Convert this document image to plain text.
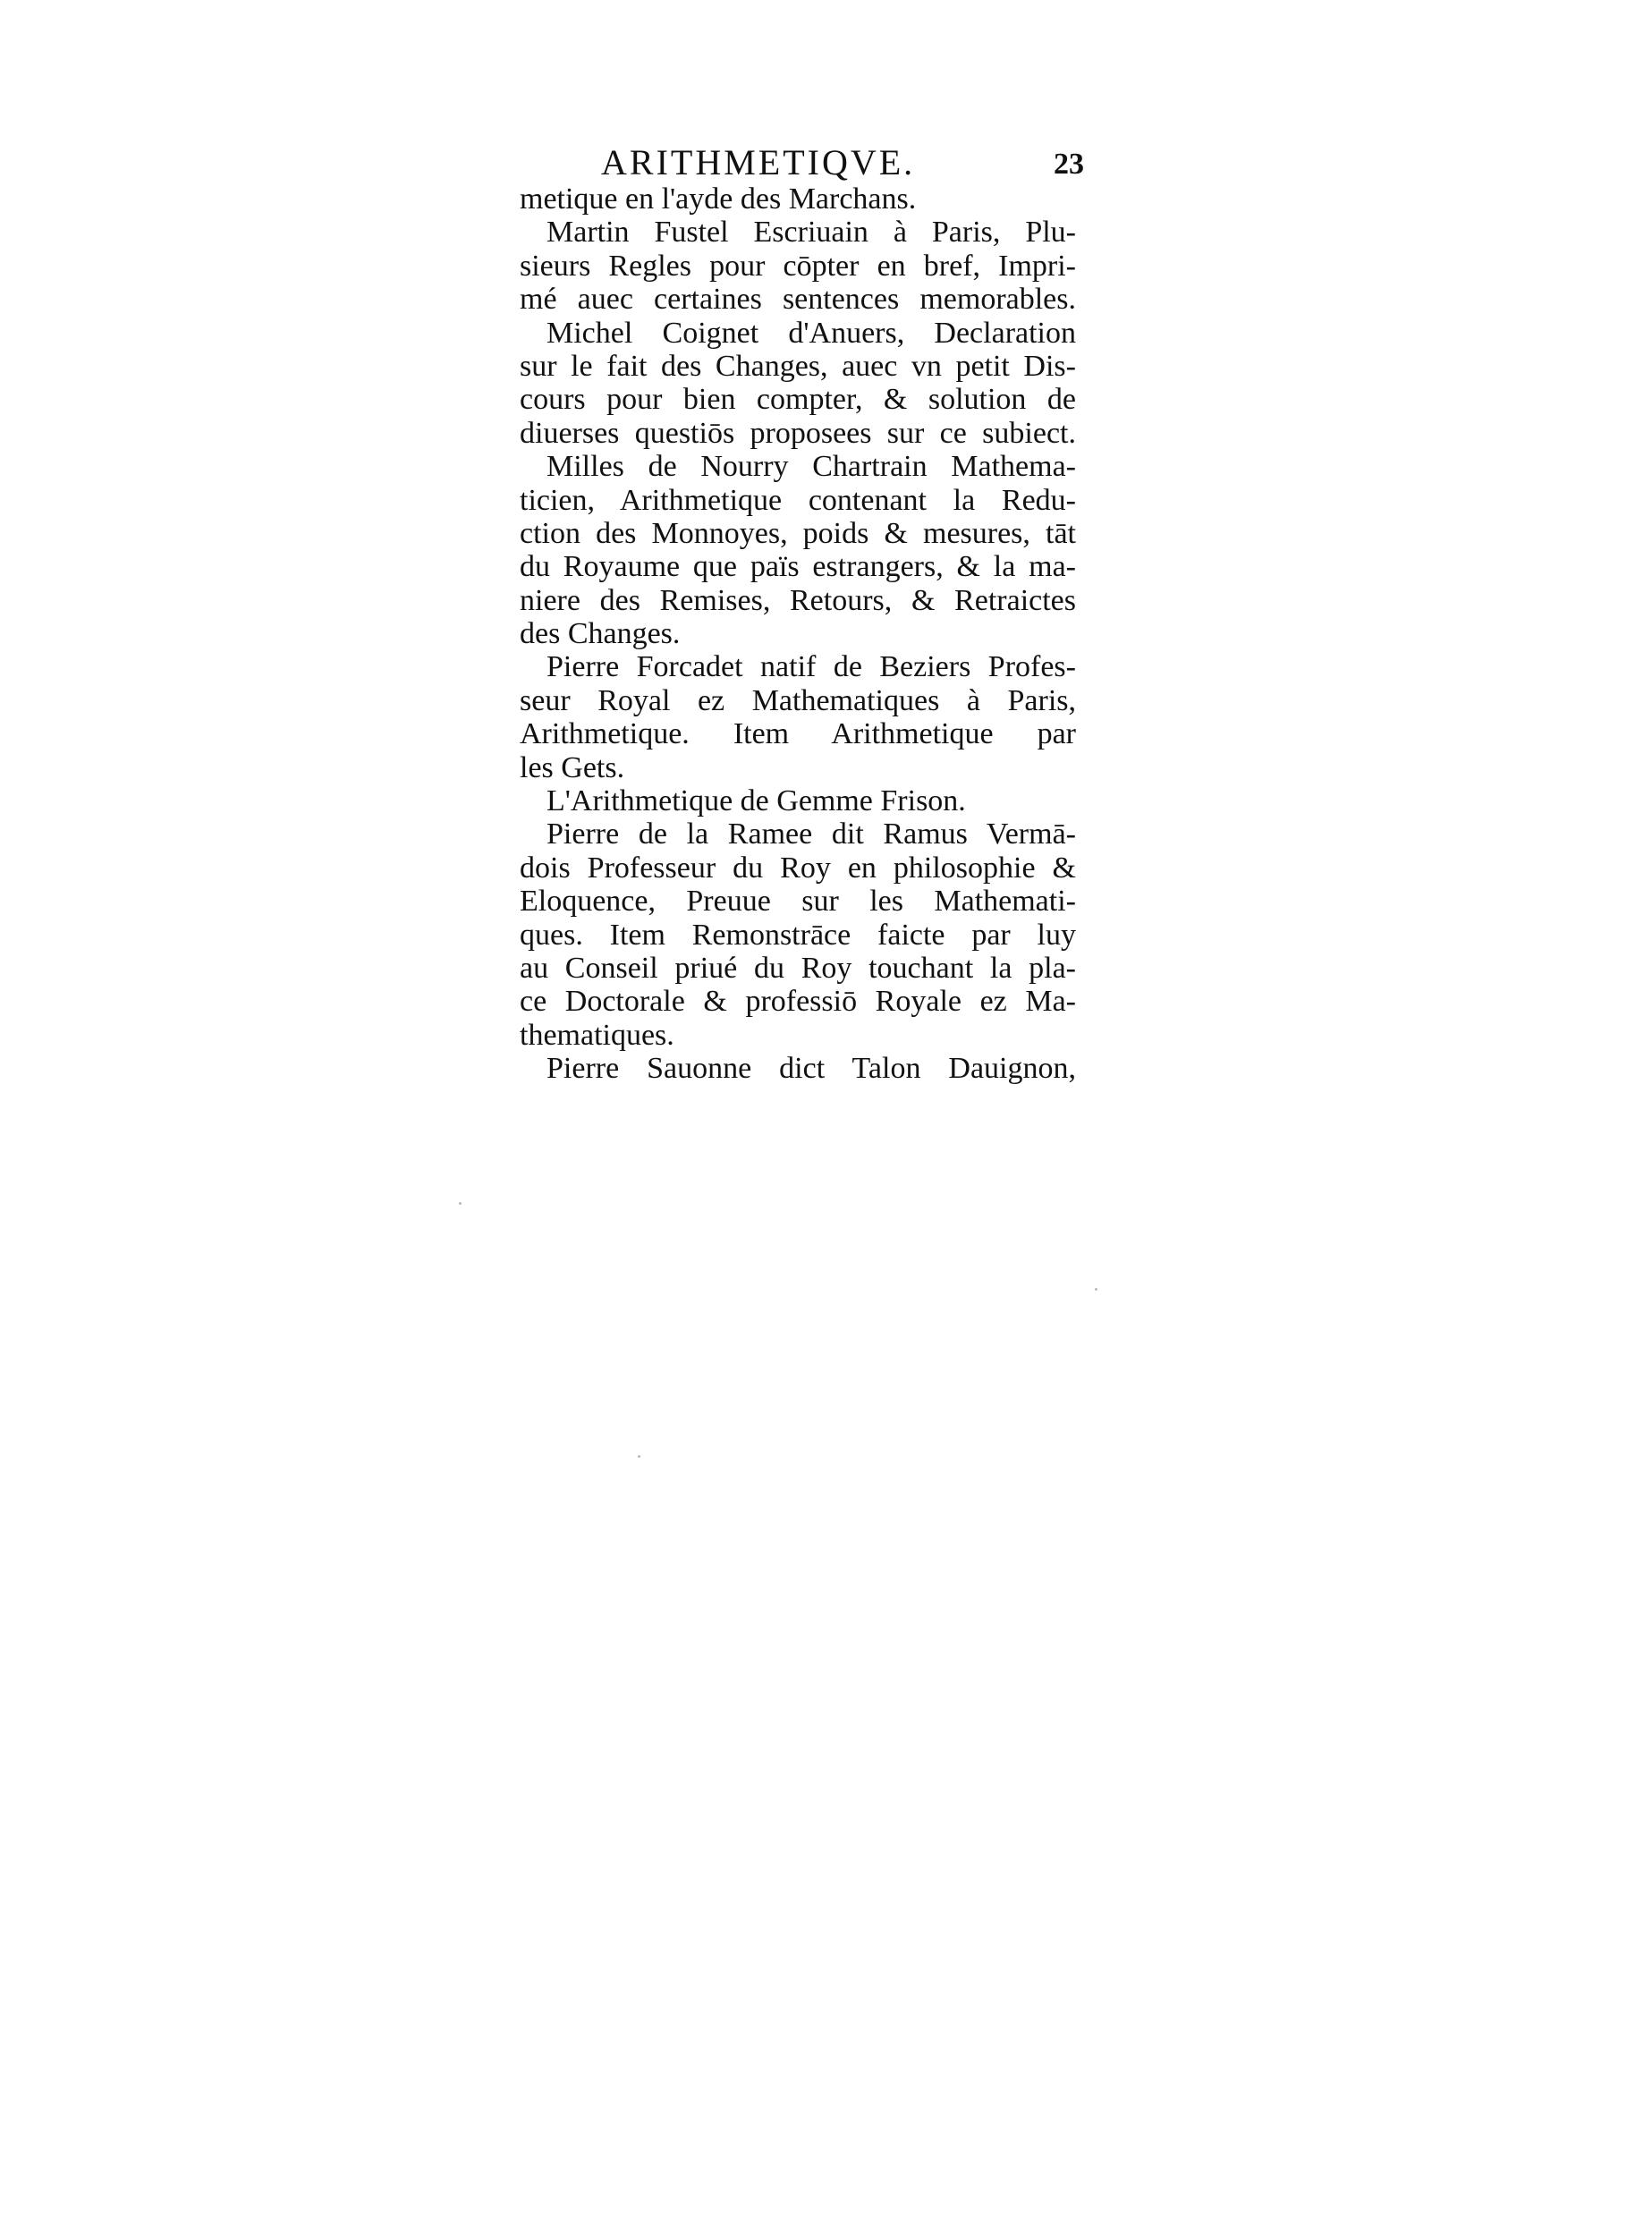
ARITHMETIQVE.	23
metique en l'ayde des Marchans.
Martin Fustel Escriuain à Paris, Plu-
sieurs Regles pour cōpter en bref, Impri-
mé auec certaines sentences memorables.
Michel Coignet d'Anuers, Declaration
sur le fait des Changes, auec vn petit Dis-
cours pour bien compter, & solution de
diuerses questiōs proposees sur ce subiect.
Milles de Nourry Chartrain Mathema-
ticien, Arithmetique contenant la Redu-
ction des Monnoyes, poids & mesures, tāt
du Royaume que païs estrangers, & la ma-
niere des Remises, Retours, & Retraictes
des Changes.
Pierre Forcadet natif de Beziers Profes-
seur Royal ez Mathematiques à Paris,
Arithmetique. Item Arithmetique par
les Gets.
L'Arithmetique de Gemme Frison.
Pierre de la Ramee dit Ramus Vermā-
dois Professeur du Roy en philosophie &
Eloquence, Preuue sur les Mathemati-
ques. Item Remonstrāce faicte par luy
au Conseil priué du Roy touchant la pla-
ce Doctorale & professiō Royale ez Ma-
thematiques.
Pierre Sauonne dict Talon Dauignon,
